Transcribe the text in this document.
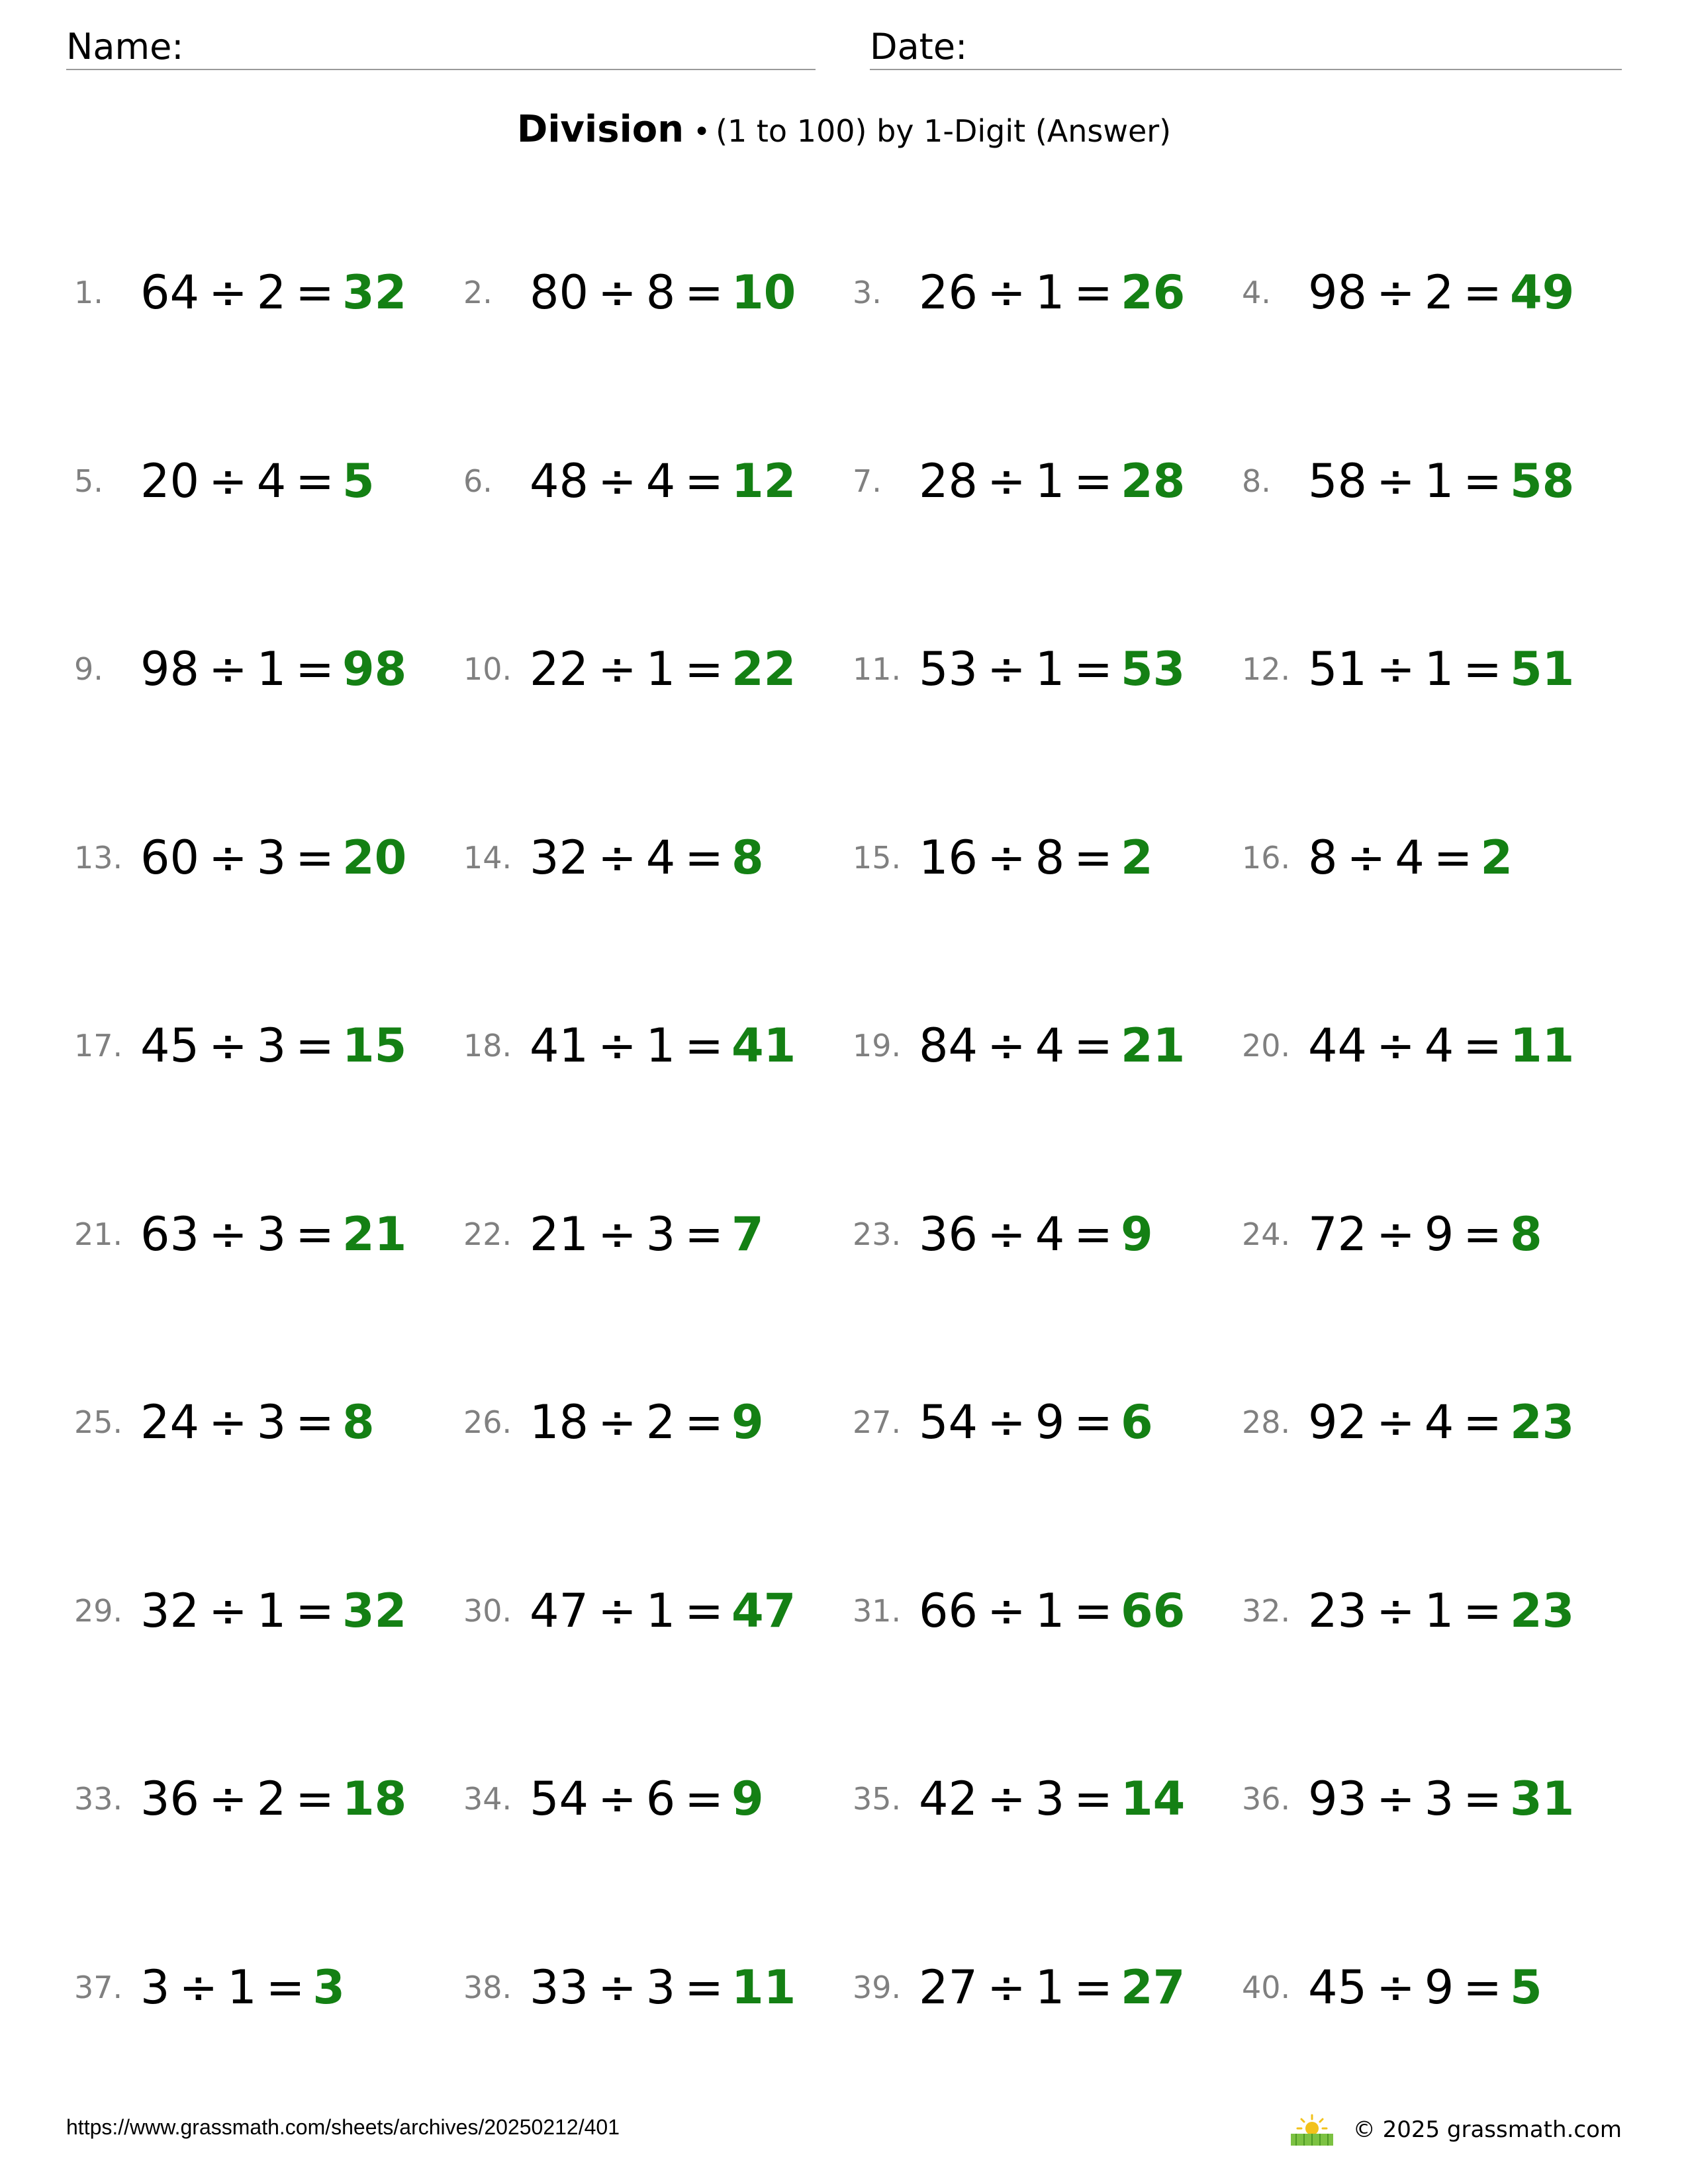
Name:	Date:
Division • (1 to 100) by 1-Digit (Answer)
1. 64 ÷ 2 = 32 2. 80 ÷ 8 = 10 3. 26 ÷ 1 = 26 4. 98 ÷ 2 = 49
5. 20 ÷ 4 = 5	6. 48 ÷ 4 = 12 7. 28 ÷ 1 = 28 8. 58 ÷ 1 = 58
9. 98 ÷ 1 = 98 10. 22 ÷ 1 = 22 11. 53 ÷ 1 = 53 12. 51 ÷ 1 = 51
13. 60 ÷ 3 = 20 14. 32 ÷ 4 = 8	15. 16 ÷ 8 = 2	16. 8 ÷ 4 = 2
17. 45 ÷ 3 = 15 18. 41 ÷ 1 = 41 19. 84 ÷ 4 = 21 20. 44 ÷ 4 = 11
21. 63 ÷ 3 = 21 22. 21 ÷ 3 = 7	23. 36 ÷ 4 = 9	24. 72 ÷ 9 = 8
25. 24 ÷ 3 = 8	26. 18 ÷ 2 = 9	27. 54 ÷ 9 = 6	28. 92 ÷ 4 = 23
29. 32 ÷ 1 = 32 30. 47 ÷ 1 = 47 31. 66 ÷ 1 = 66 32. 23 ÷ 1 = 23
33. 36 ÷ 2 = 18 34. 54 ÷ 6 = 9	35. 42 ÷ 3 = 14 36. 93 ÷ 3 = 31
37. 3 ÷ 1 = 3	38. 33 ÷ 3 = 11 39. 27 ÷ 1 = 27 40. 45 ÷ 9 = 5
https://www.grassmath.com/sheets/archives/20250212/401	© 2025 grassmath.com
